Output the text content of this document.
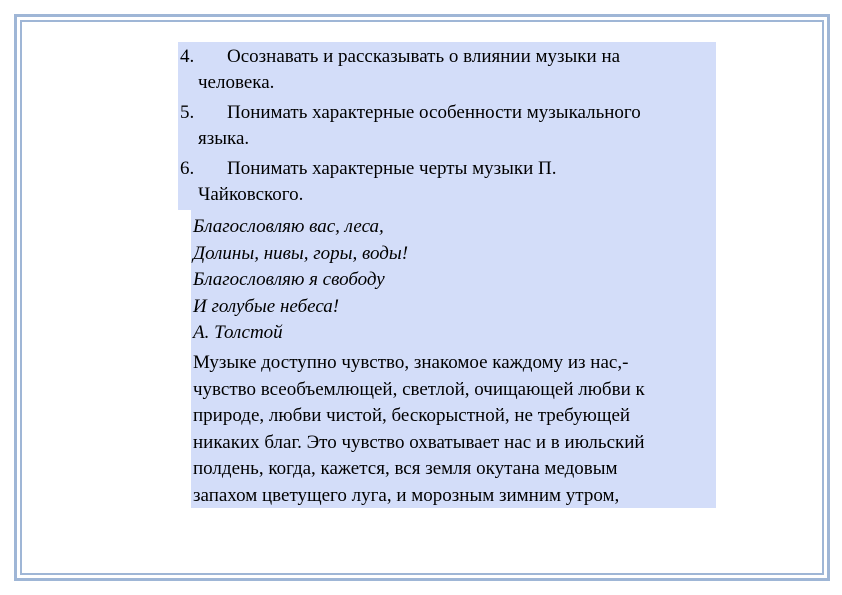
4. Осознавать и рассказывать о влиянии музыки на
человека.
5. Понимать характерные особенности музыкального
языка.
6. Понимать характерные черты музыки П.
Чайковского.
Благословляю вас, леса,
Долины, нивы, горы, воды!
Благословляю я свободу
И голубые небеса!
А. Толстой
Музыке доступно чувство, знакомое каждому из нас,-
чувство всеобъемлющей, светлой, очищающей любви к
природе, любви чистой, бескорыстной, не требующей
никаких благ. Это чувство охватывает нас и в июльский
полдень, когда, кажется, вся земля окутана медовым
запахом цветущего луга, и морозным зимним утром,
